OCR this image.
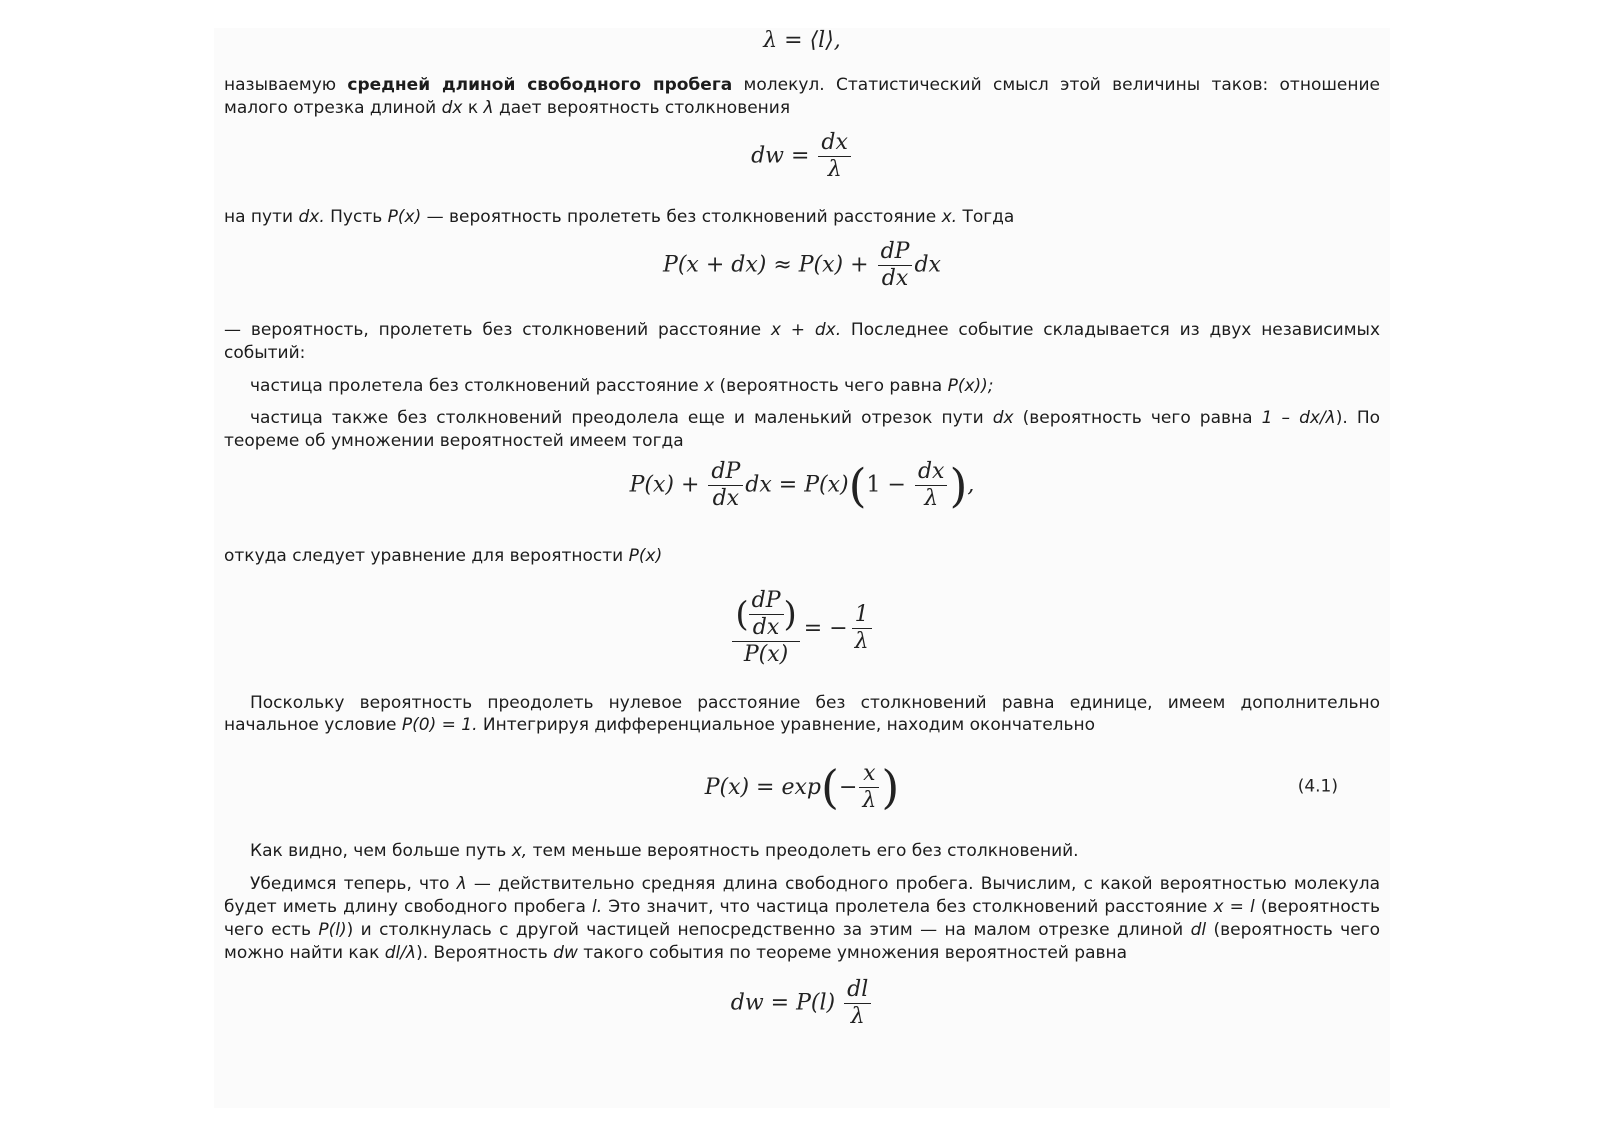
λ = ⟨l⟩,

называемую средней длиной свободного пробега молекул. Статистический смысл этой величины таков: отношение малого отрезка длиной dx к λ дает вероятность столкновения

dw = $\frac{dx}{\lambda}$

на пути dx. Пусть P(x) — вероятность пролететь без столкновений расстояние x. Тогда

$P(x + dx) \approx P(x) + \frac{dP}{dx}$ dx

— вероятность, пролететь без столкновений расстояние x + dx. Последнее событие складывается из двух независимых событий:

частица пролетела без столкновений расстояние x (вероятность чего равна P(x));

частица также без столкновений преодолела еще и маленький отрезок пути dx (вероятность чего равна 1 – dx/λ). По теореме об умножении вероятностей имеем тогда

$P(x) + \frac{dP}{dx}$ dx = $P(x)(1 - \frac{dx}{\lambda}$ ),

откуда следует уравнение для вероятности P(x)

$\frac{( \frac{dP}{dx} )}{P(x)}$ = − $\frac{1}{\lambda}$

Поскольку вероятность преодолеть нулевое расстояние без столкновений равна единице, имеем дополнительно начальное условие P(0) = 1. Интегрируя дифференциальное уравнение, находим окончательно

P(x) = exp ( − $\frac{x}{\lambda}$ )	(4.1)

Как видно, чем больше путь x, тем меньше вероятность преодолеть его без столкновений.

Убедимся теперь, что λ — действительно средняя длина свободного пробега. Вычислим, с какой вероятностью молекула будет иметь длину свободного пробега l. Это значит, что частица пролетела без столкновений расстояние x = l (вероятность чего есть P(l)) и столкнулась с другой частицей непосредственно за этим — на малом отрезке длиной dl (вероятность чего можно найти как dl/λ). Вероятность dw такого события по теореме умножения вероятностей равна

dw = $P(l) \frac{dl}{\lambda}$
